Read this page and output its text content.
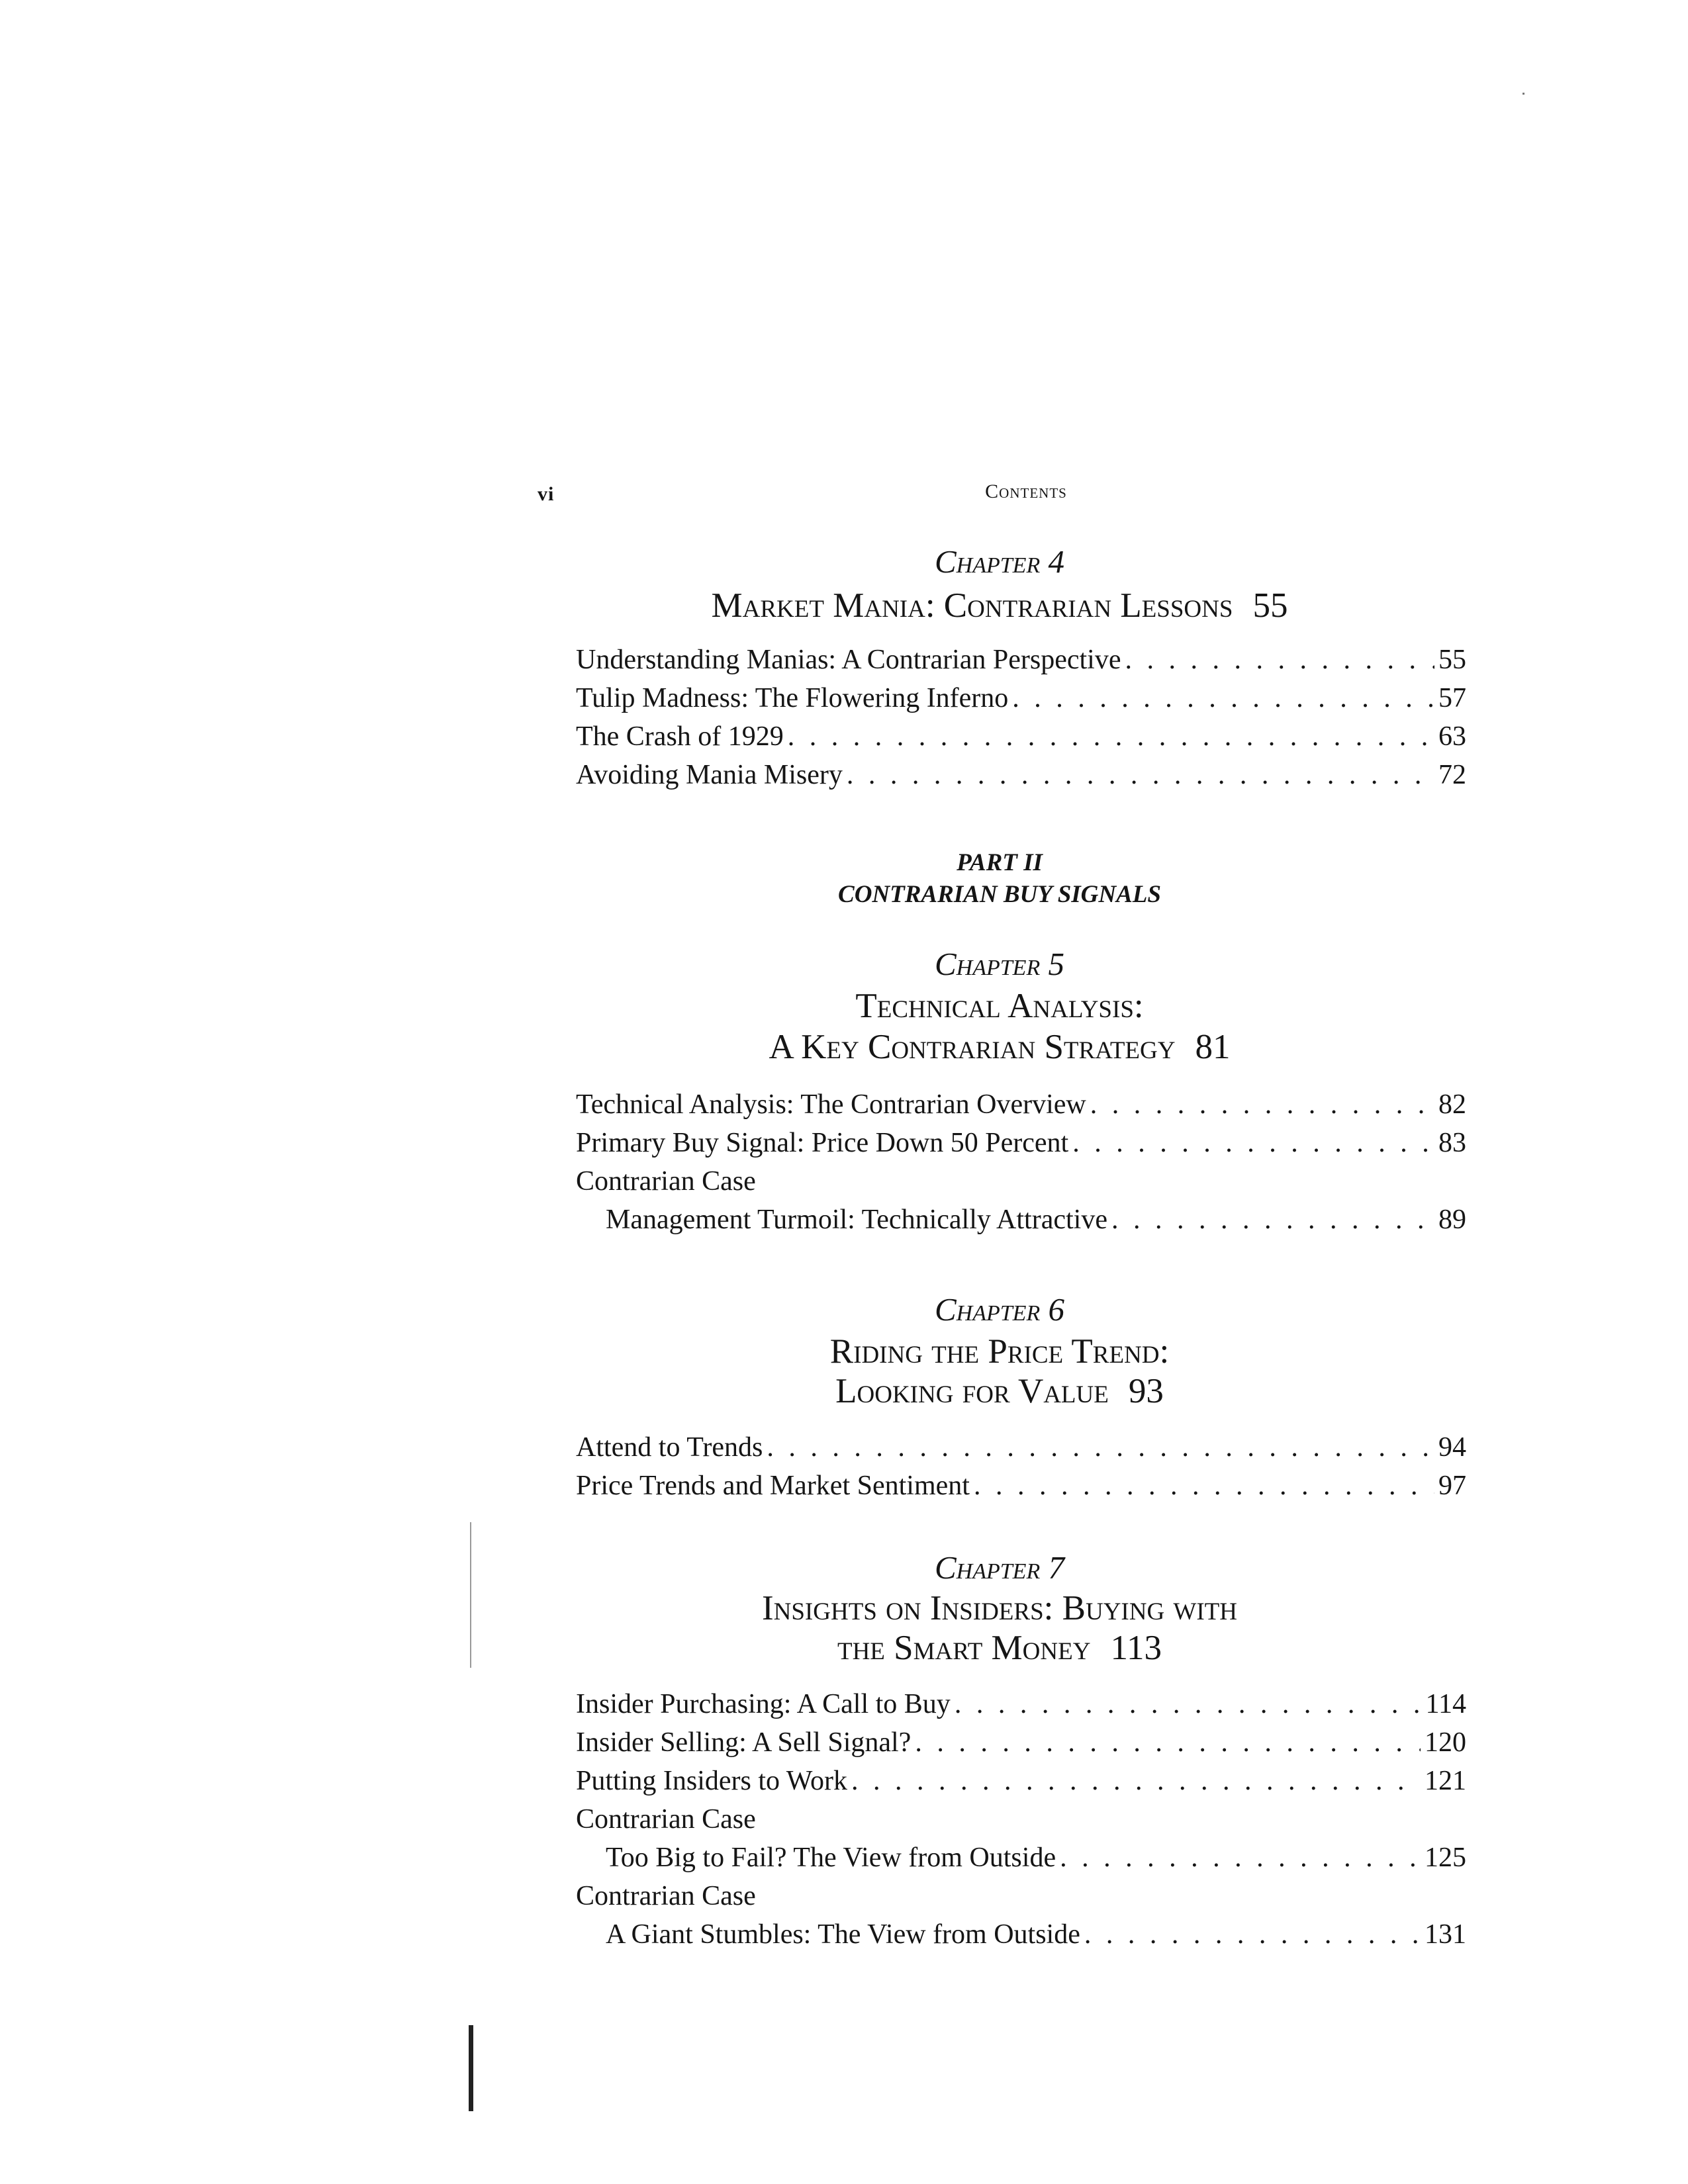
vi	Contents
Chapter 4
Market Mania: Contrarian Lessons 55
Understanding Manias: A Contrarian Perspective . . .	55
Tulip Madness: The Flowering Inferno . . .	57
The Crash of 1929 . . .	63
Avoiding Mania Misery . . .	72
PART II
CONTRARIAN BUY SIGNALS
Chapter 5
Technical Analysis:
A Key Contrarian Strategy 81
Technical Analysis: The Contrarian Overview . . .	82
Primary Buy Signal: Price Down 50 Percent . . .	83
Contrarian Case
Management Turmoil: Technically Attractive . . .	89
Chapter 6
Riding the Price Trend:
Looking for Value 93
Attend to Trends . . .	94
Price Trends and Market Sentiment . . .	97
Chapter 7
Insights on Insiders: Buying with
the Smart Money 113
Insider Purchasing: A Call to Buy . . .	114
Insider Selling: A Sell Signal? . . .	120
Putting Insiders to Work . . .	121
Contrarian Case
Too Big to Fail? The View from Outside . . .	125
Contrarian Case
A Giant Stumbles: The View from Outside . . .	131
